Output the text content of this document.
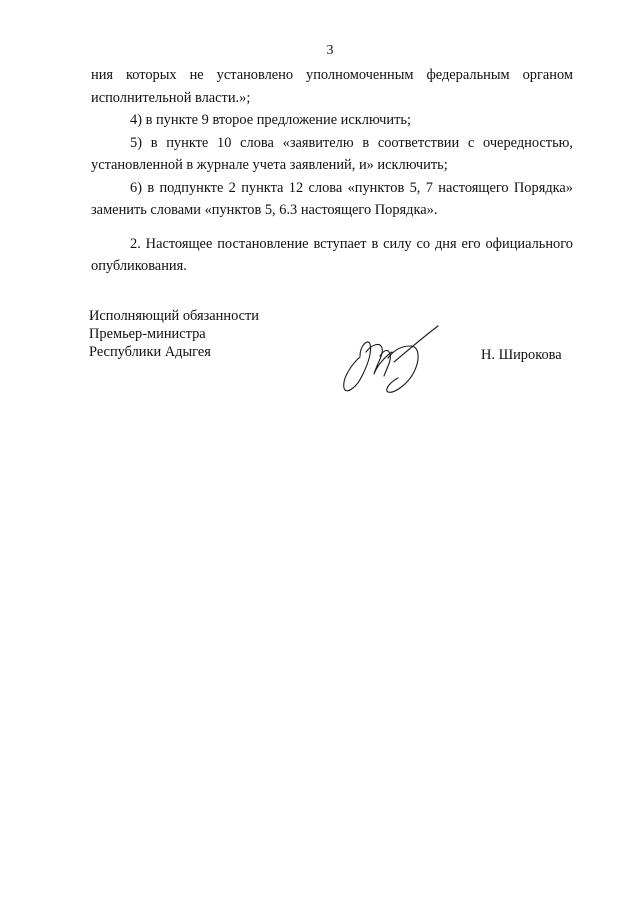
3

ния которых не установлено уполномоченным федеральным органом исполнительной власти.»;

4) в пункте 9 второе предложение исключить;

5) в пункте 10 слова «заявителю в соответствии с очередностью, установленной в журнале учета заявлений, и» исключить;

6) в подпункте 2 пункта 12 слова «пунктов 5, 7 настоящего Порядка» заменить словами «пунктов 5, 6.3 настоящего Порядка».

2. Настоящее постановление вступает в силу со дня его официального опубликования.

Исполняющий обязанности
Премьер-министра
Республики Адыгея	Н. Широкова
